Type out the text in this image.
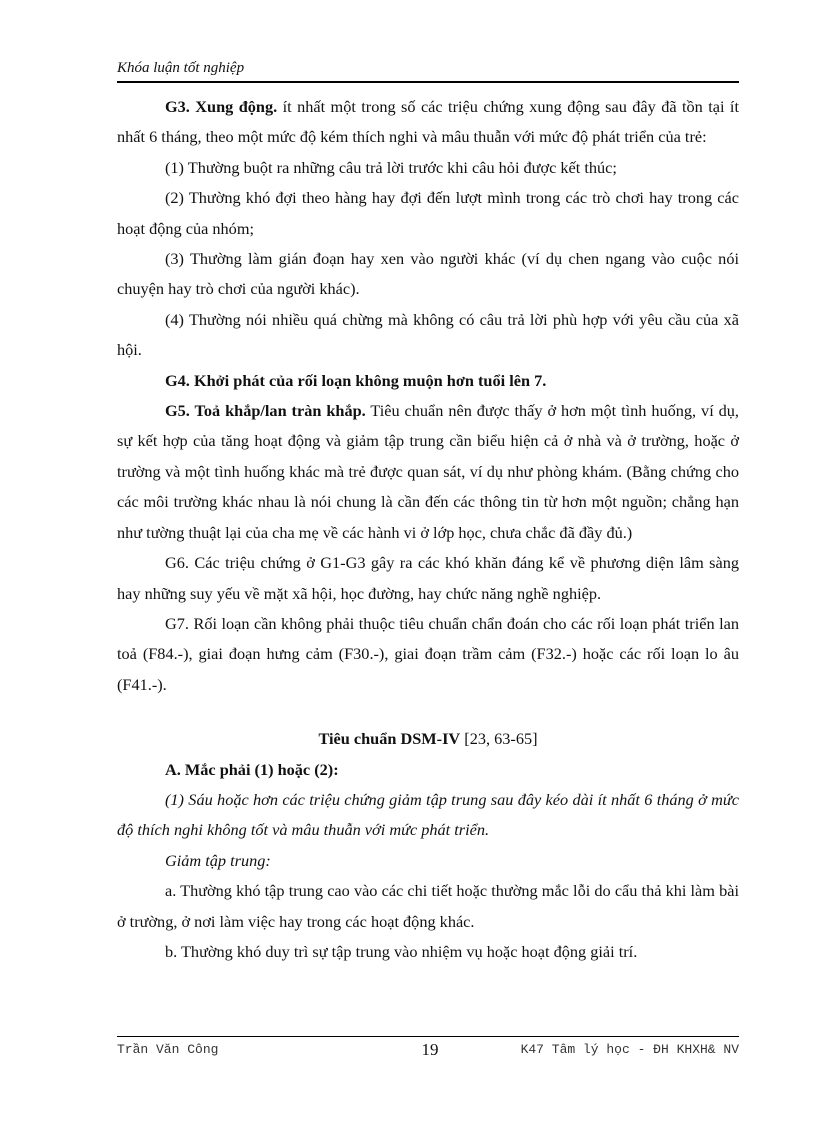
Khóa luận tốt nghiệp

G3. Xung động. ít nhất một trong số các triệu chứng xung động sau đây đã tồn tại ít nhất 6 tháng, theo một mức độ kém thích nghi và mâu thuẫn với mức độ phát triển của trẻ:

(1) Thường buột ra những câu trả lời trước khi câu hỏi được kết thúc;

(2) Thường khó đợi theo hàng hay đợi đến lượt mình trong các trò chơi hay trong các hoạt động của nhóm;

(3) Thường làm gián đoạn hay xen vào người khác (ví dụ chen ngang vào cuộc nói chuyện hay trò chơi của người khác).

(4) Thường nói nhiều quá chừng mà không có câu trả lời phù hợp với yêu cầu của xã hội.

G4. Khởi phát của rối loạn không muộn hơn tuổi lên 7.

G5. Toả khắp/lan tràn khắp. Tiêu chuẩn nên được thấy ở hơn một tình huống, ví dụ, sự kết hợp của tăng hoạt động và giảm tập trung cần biểu hiện cả ở nhà và ở trường, hoặc ở trường và một tình huống khác mà trẻ được quan sát, ví dụ như phòng khám. (Bằng chứng cho các môi trường khác nhau là nói chung là cần đến các thông tin từ hơn một nguồn; chẳng hạn như tường thuật lại của cha mẹ về các hành vi ở lớp học, chưa chắc đã đầy đủ.)

G6. Các triệu chứng ở G1-G3 gây ra các khó khăn đáng kể về phương diện lâm sàng hay những suy yếu về mặt xã hội, học đường, hay chức năng nghề nghiệp.

G7. Rối loạn cần không phải thuộc tiêu chuẩn chẩn đoán cho các rối loạn phát triển lan toả (F84.-), giai đoạn hưng cảm (F30.-), giai đoạn trầm cảm (F32.-) hoặc các rối loạn lo âu (F41.-).

Tiêu chuẩn DSM-IV [23, 63-65]

A. Mắc phải (1) hoặc (2):

(1) Sáu hoặc hơn các triệu chứng giảm tập trung sau đây kéo dài ít nhất 6 tháng ở mức độ thích nghi không tốt và mâu thuẫn với mức phát triển.

Giảm tập trung:

a. Thường khó tập trung cao vào các chi tiết hoặc thường mắc lỗi do cẩu thả khi làm bài ở trường, ở nơi làm việc hay trong các hoạt động khác.

b. Thường khó duy trì sự tập trung vào nhiệm vụ hoặc hoạt động giải trí.

Trần Văn Công	19	K47 Tâm lý học - ĐH KHXH& NV
